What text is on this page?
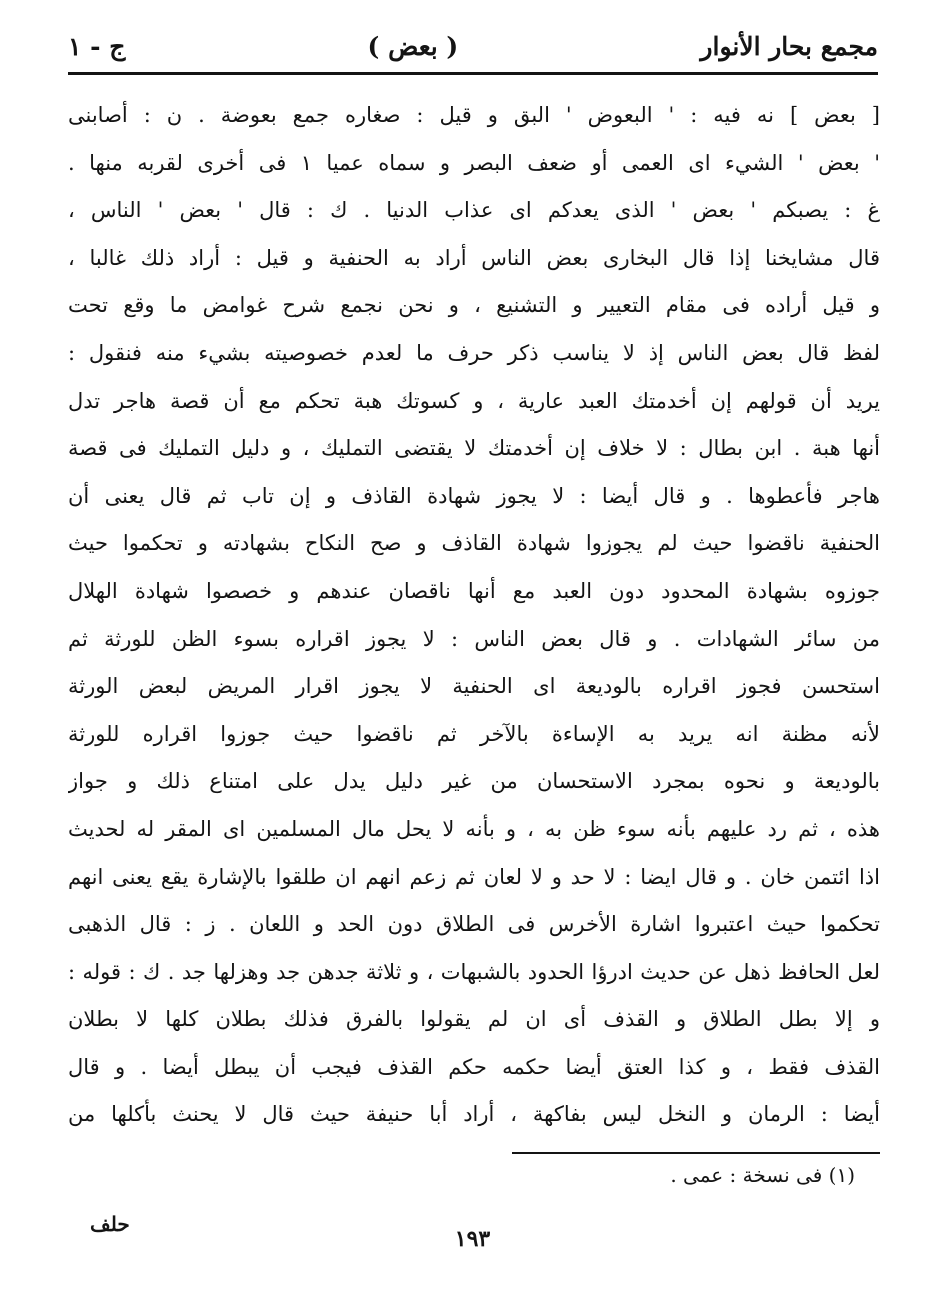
مجمع بحار الأنوار
( بعض )
ج - ١
[ بعض ] نه فيه : ' البعوض ' البق و قيل : صغاره جمع بعوضة . ن : أصابنى
' بعض ' الشيء اى العمى أو ضعف البصر و سماه عميا ١ فى أخرى لقربه منها .
غ : يصبكم ' بعض ' الذى يعدكم اى عذاب الدنيا . ك : قال ' بعض ' الناس ،
قال مشايخنا إذا قال البخارى بعض الناس أراد به الحنفية و قيل : أراد ذلك غالبا ،
و قيل أراده فى مقام التعيير و التشنيع ، و نحن نجمع شرح غوامض ما وقع تحت
لفظ قال بعض الناس إذ لا يناسب ذكر حرف ما لعدم خصوصيته بشيء منه فنقول :
يريد أن قولهم إن أخدمتك العبد عارية ، و كسوتك هبة تحكم مع أن قصة هاجر تدل
أنها هبة . ابن بطال : لا خلاف إن أخدمتك لا يقتضى التمليك ، و دليل التمليك فى قصة
هاجر فأعطوها . و قال أيضا : لا يجوز شهادة القاذف و إن تاب ثم قال يعنى أن
الحنفية ناقضوا حيث لم يجوزوا شهادة القاذف و صح النكاح بشهادته و تحكموا حيث
جوزوه بشهادة المحدود دون العبد مع أنها ناقصان عندهم و خصصوا شهادة الهلال
من سائر الشهادات . و قال بعض الناس : لا يجوز اقراره بسوء الظن للورثة ثم
استحسن فجوز اقراره بالوديعة اى الحنفية لا يجوز اقرار المريض لبعض الورثة
لأنه مظنة انه يريد به الإساءة بالآخر ثم ناقضوا حيث جوزوا اقراره للورثة
بالوديعة و نحوه بمجرد الاستحسان من غير دليل يدل على امتناع ذلك و جواز
هذه ، ثم رد عليهم بأنه سوء ظن به ، و بأنه لا يحل مال المسلمين اى المقر له لحديث
اذا ائتمن خان . و قال ايضا : لا حد و لا لعان ثم زعم انهم ان طلقوا بالإشارة يقع يعنى انهم
تحكموا حيث اعتبروا اشارة الأخرس فى الطلاق دون الحد و اللعان . ز : قال الذهبى
لعل الحافظ ذهل عن حديث ادرؤا الحدود بالشبهات ، و ثلاثة جدهن جد وهزلها جد . ك : قوله :
و إلا بطل الطلاق و القذف أى ان لم يقولوا بالفرق فذلك بطلان كلها لا بطلان
القذف فقط ، و كذا العتق أيضا حكمه حكم القذف فيجب أن يبطل أيضا . و قال
أيضا : الرمان و النخل ليس بفاكهة ، أراد أبا حنيفة حيث قال لا يحنث بأكلها من
(١) فى نسخة : عمى .
حلف
١٩٣
